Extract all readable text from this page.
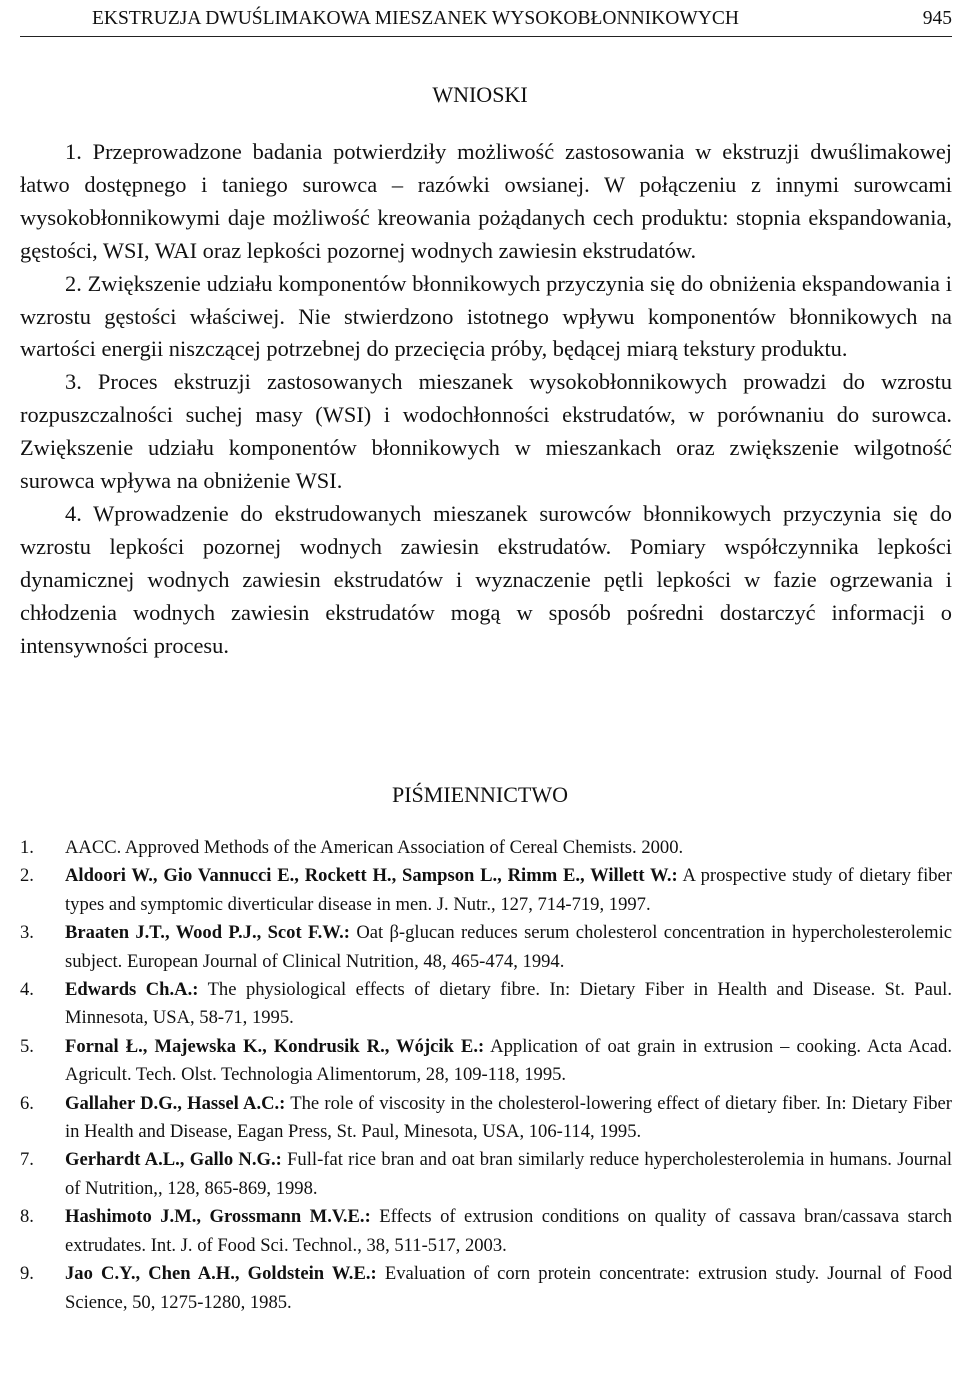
EKSTRUZJA DWUŚLIMAKOWA MIESZANEK WYSOKOBŁONNIKOWYCH	945
WNIOSKI

1. Przeprowadzone badania potwierdziły możliwość zastosowania w ekstruzji dwuślimakowej łatwo dostępnego i taniego surowca – razówki owsianej. W połączeniu z innymi surowcami wysokobłonnikowymi daje możliwość kreowania pożądanych cech produktu: stopnia ekspandowania, gęstości, WSI, WAI oraz lepkości pozornej wodnych zawiesin ekstrudatów.

2. Zwiększenie udziału komponentów błonnikowych przyczynia się do obniżenia ekspandowania i wzrostu gęstości właściwej. Nie stwierdzono istotnego wpływu komponentów błonnikowych na wartości energii niszczącej potrzebnej do przecięcia próby, będącej miarą tekstury produktu.

3. Proces ekstruzji zastosowanych mieszanek wysokobłonnikowych prowadzi do wzrostu rozpuszczalności suchej masy (WSI) i wodochłonności ekstrudatów, w porównaniu do surowca. Zwiększenie udziału komponentów błonnikowych w mieszankach oraz zwiększenie wilgotność surowca wpływa na obniżenie WSI.

4. Wprowadzenie do ekstrudowanych mieszanek surowców błonnikowych przyczynia się do wzrostu lepkości pozornej wodnych zawiesin ekstrudatów. Pomiary współczynnika lepkości dynamicznej wodnych zawiesin ekstrudatów i wyznaczenie pętli lepkości w fazie ogrzewania i chłodzenia wodnych zawiesin ekstrudatów mogą w sposób pośredni dostarczyć informacji o intensywności procesu.

PIŚMIENNICTWO
1. AACC. Approved Methods of the American Association of Cereal Chemists. 2000.
2. Aldoori W., Gio Vannucci E., Rockett H., Sampson L., Rimm E., Willett W.: A prospective study of dietary fiber types and symptomic diverticular disease in men. J. Nutr., 127, 714-719, 1997.
3. Braaten J.T., Wood P.J., Scot F.W.: Oat β-glucan reduces serum cholesterol concentration in hypercholesterolemic subject. European Journal of Clinical Nutrition, 48, 465-474, 1994.
4. Edwards Ch.A.: The physiological effects of dietary fibre. In: Dietary Fiber in Health and Disease. St. Paul. Minnesota, USA, 58-71, 1995.
5. Fornal Ł., Majewska K., Kondrusik R., Wójcik E.: Application of oat grain in extrusion – cooking. Acta Acad. Agricult. Tech. Olst. Technologia Alimentorum, 28, 109-118, 1995.
6. Gallaher D.G., Hassel A.C.: The role of viscosity in the cholesterol-lowering effect of dietary fiber. In: Dietary Fiber in Health and Disease, Eagan Press, St. Paul, Minesota, USA, 106-114, 1995.
7. Gerhardt A.L., Gallo N.G.: Full-fat rice bran and oat bran similarly reduce hypercholesterolemia in humans. Journal of Nutrition,, 128, 865-869, 1998.
8. Hashimoto J.M., Grossmann M.V.E.: Effects of extrusion conditions on quality of cassava bran/cassava starch extrudates. Int. J. of Food Sci. Technol., 38, 511-517, 2003.
9. Jao C.Y., Chen A.H., Goldstein W.E.: Evaluation of corn protein concentrate: extrusion study. Journal of Food Science, 50, 1275-1280, 1985.
